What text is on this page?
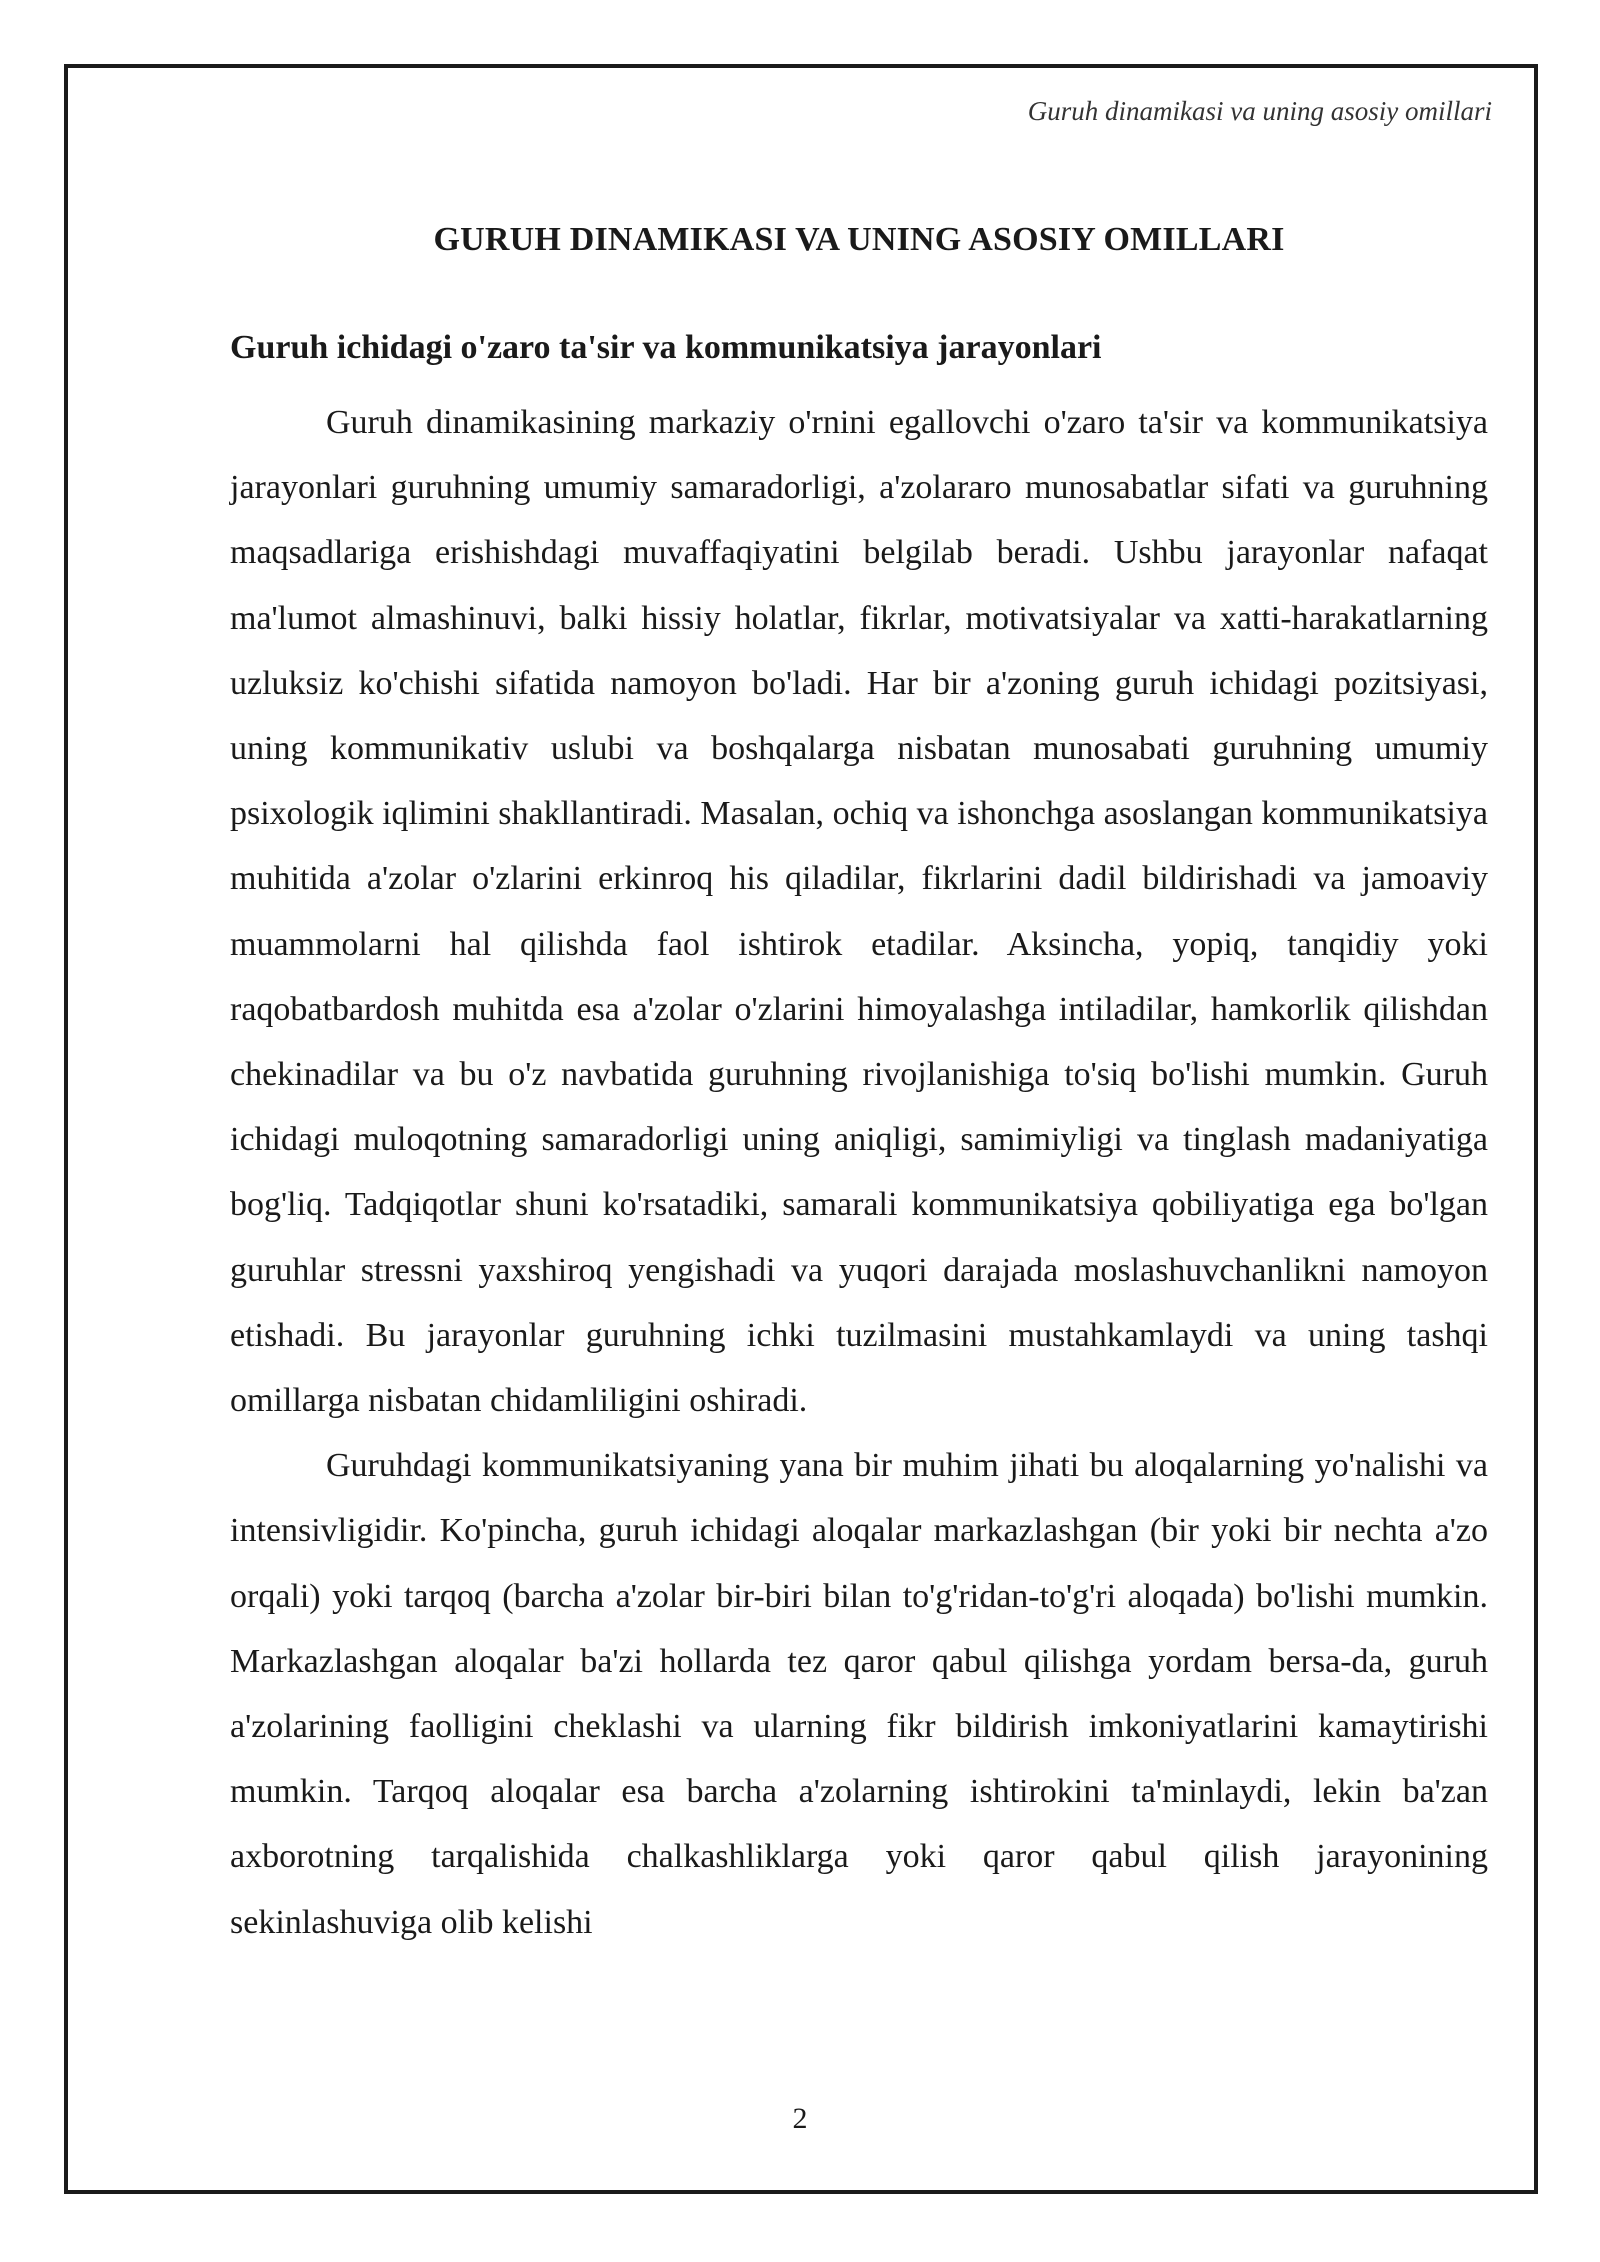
Guruh dinamikasi va uning asosiy omillari
GURUH DINAMIKASI VA UNING ASOSIY OMILLARI
Guruh ichidagi o'zaro ta'sir va kommunikatsiya jarayonlari

Guruh dinamikasining markaziy o'rnini egallovchi o'zaro ta'sir va kommunikatsiya jarayonlari guruhning umumiy samaradorligi, a'zolararo munosabatlar sifati va guruhning maqsadlariga erishishdagi muvaffaqiyatini belgilab beradi. Ushbu jarayonlar nafaqat ma'lumot almashinuvi, balki hissiy holatlar, fikrlar, motivatsiyalar va xatti-harakatlarning uzluksiz ko'chishi sifatida namoyon bo'ladi. Har bir a'zoning guruh ichidagi pozitsiyasi, uning kommunikativ uslubi va boshqalarga nisbatan munosabati guruhning umumiy psixologik iqlimini shakllantiradi. Masalan, ochiq va ishonchga asoslangan kommunikatsiya muhitida a'zolar o'zlarini erkinroq his qiladilar, fikrlarini dadil bildirishadi va jamoaviy muammolarni hal qilishda faol ishtirok etadilar. Aksincha, yopiq, tanqidiy yoki raqobatbardosh muhitda esa a'zolar o'zlarini himoyalashga intiladilar, hamkorlik qilishdan chekinadilar va bu o'z navbatida guruhning rivojlanishiga to'siq bo'lishi mumkin. Guruh ichidagi muloqotning samaradorligi uning aniqligi, samimiyligi va tinglash madaniyatiga bog'liq. Tadqiqotlar shuni ko'rsatadiki, samarali kommunikatsiya qobiliyatiga ega bo'lgan guruhlar stressni yaxshiroq yengishadi va yuqori darajada moslashuvchanlikni namoyon etishadi. Bu jarayonlar guruhning ichki tuzilmasini mustahkamlaydi va uning tashqi omillarga nisbatan chidamliligini oshiradi.

Guruhdagi kommunikatsiyaning yana bir muhim jihati bu aloqalarning yo'nalishi va intensivligidir. Ko'pincha, guruh ichidagi aloqalar markazlashgan (bir yoki bir nechta a'zo orqali) yoki tarqoq (barcha a'zolar bir-biri bilan to'g'ridan-to'g'ri aloqada) bo'lishi mumkin. Markazlashgan aloqalar ba'zi hollarda tez qaror qabul qilishga yordam bersa-da, guruh a'zolarining faolligini cheklashi va ularning fikr bildirish imkoniyatlarini kamaytirishi mumkin. Tarqoq aloqalar esa barcha a'zolarning ishtirokini ta'minlaydi, lekin ba'zan axborotning tarqalishida chalkashliklarga yoki qaror qabul qilish jarayonining sekinlashuviga olib kelishi

2
